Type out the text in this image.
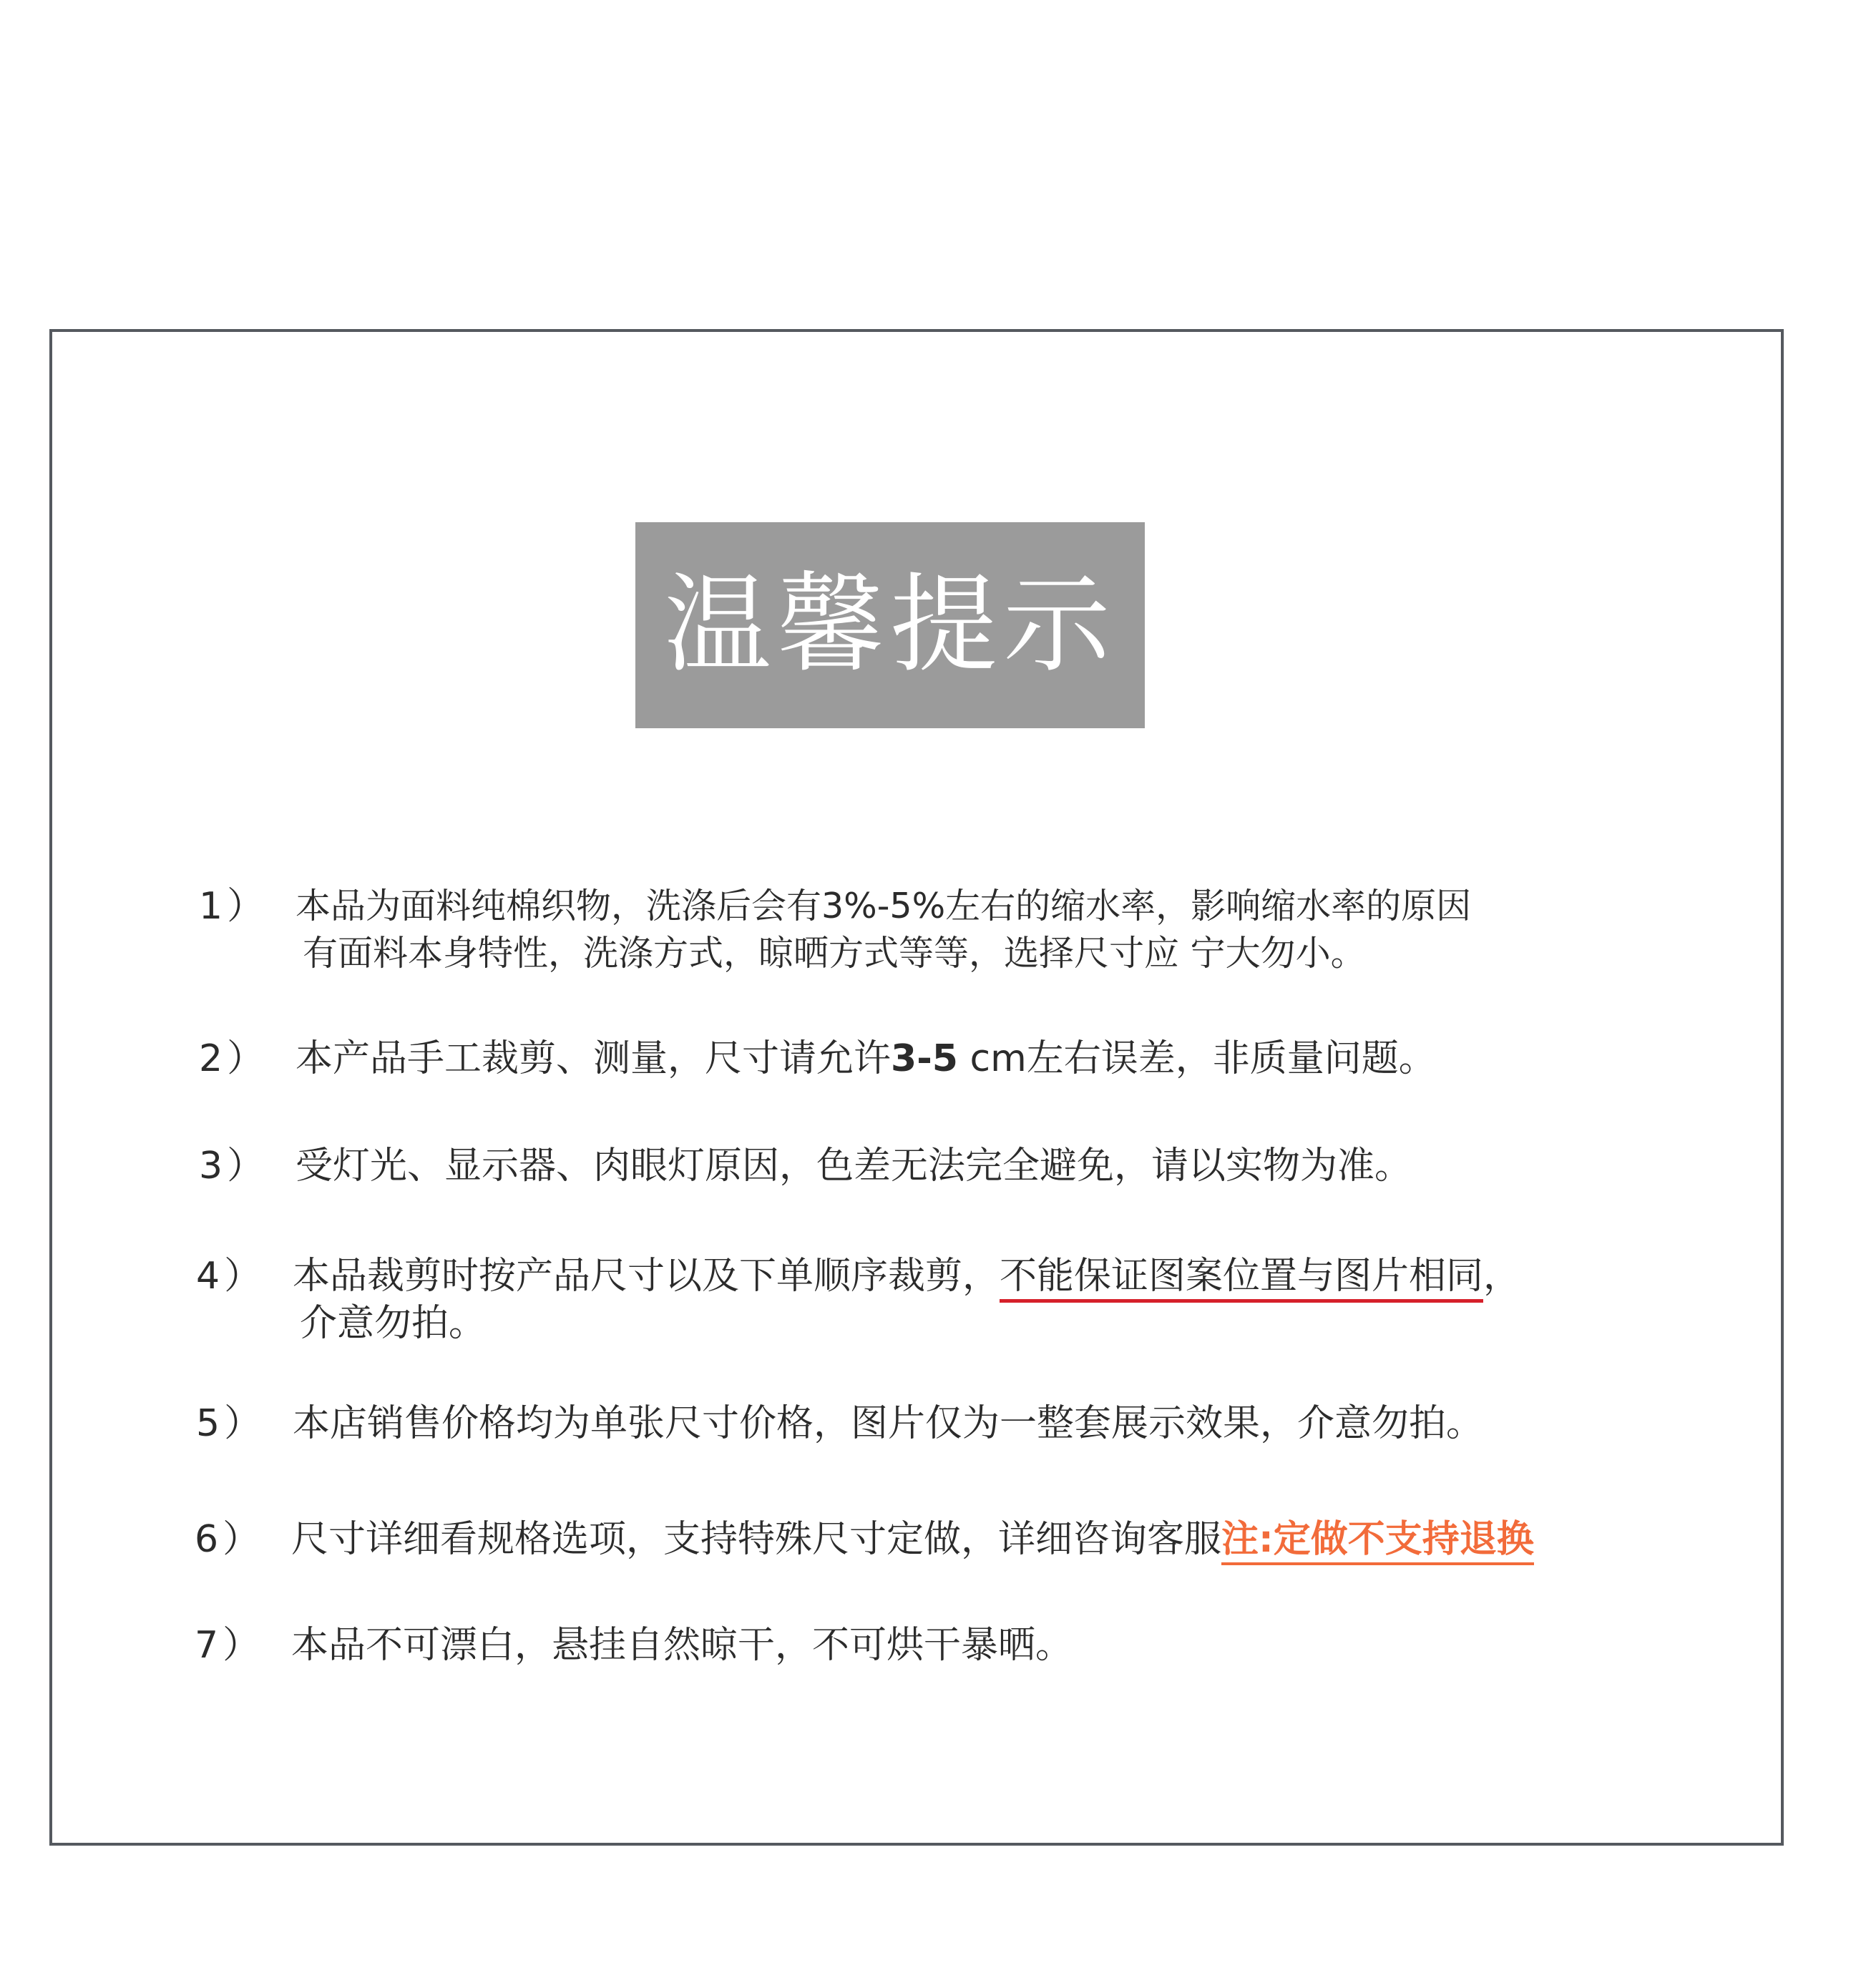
温馨提示
1） 本品为面料纯棉织物，洗涤后会有3%-5%左右的缩水率，影响缩水率的原因
有面料本身特性，洗涤方式，晾晒方式等等，选择尺寸应 宁大勿小。
2） 本产品手工裁剪、测量，尺寸请允许3-5 cm左右误差，非质量问题。
3） 受灯光、显示器、肉眼灯原因，色差无法完全避免，请以实物为准。
4） 本品裁剪时按产品尺寸以及下单顺序裁剪，不能保证图案位置与图片相同，
介意勿拍。
5） 本店销售价格均为单张尺寸价格，图片仅为一整套展示效果，介意勿拍。
6） 尺寸详细看规格选项，支持特殊尺寸定做，详细咨询客服注:定做不支持退换
7） 本品不可漂白，悬挂自然晾干，不可烘干暴晒。
